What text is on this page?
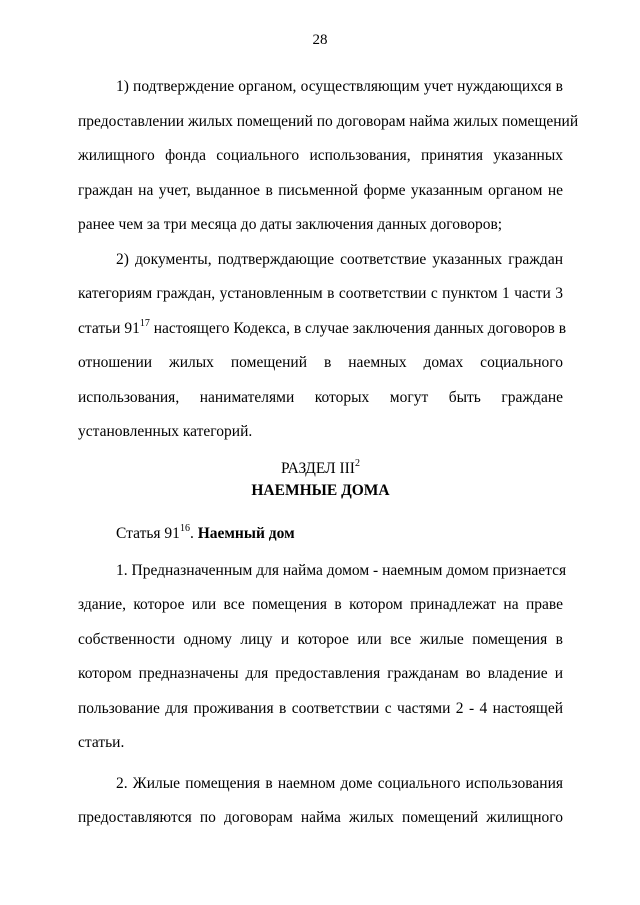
28
1) подтверждение органом, осуществляющим учет нуждающихся в
предоставлении жилых помещений по договорам найма жилых помещений
жилищного фонда социального использования, принятия указанных
граждан на учет, выданное в письменной форме указанным органом не
ранее чем за три месяца до даты заключения данных договоров;
2) документы, подтверждающие соответствие указанных граждан
категориям граждан, установленным в соответствии с пунктом 1 части 3
статьи $91^{17}$ настоящего Кодекса, в случае заключения данных договоров в
отношении жилых помещений в наемных домах социального
использования, нанимателями которых могут быть граждане
установленных категорий.
РАЗДЕЛ III$^2$
НАЕМНЫЕ ДОМА
Статья $91^{16}$. Наемный дом
1. Предназначенным для найма домом - наемным домом признается
здание, которое или все помещения в котором принадлежат на праве
собственности одному лицу и которое или все жилые помещения в
котором предназначены для предоставления гражданам во владение и
пользование для проживания в соответствии с частями 2 - 4 настоящей
статьи.
2. Жилые помещения в наемном доме социального использования
предоставляются по договорам найма жилых помещений жилищного
